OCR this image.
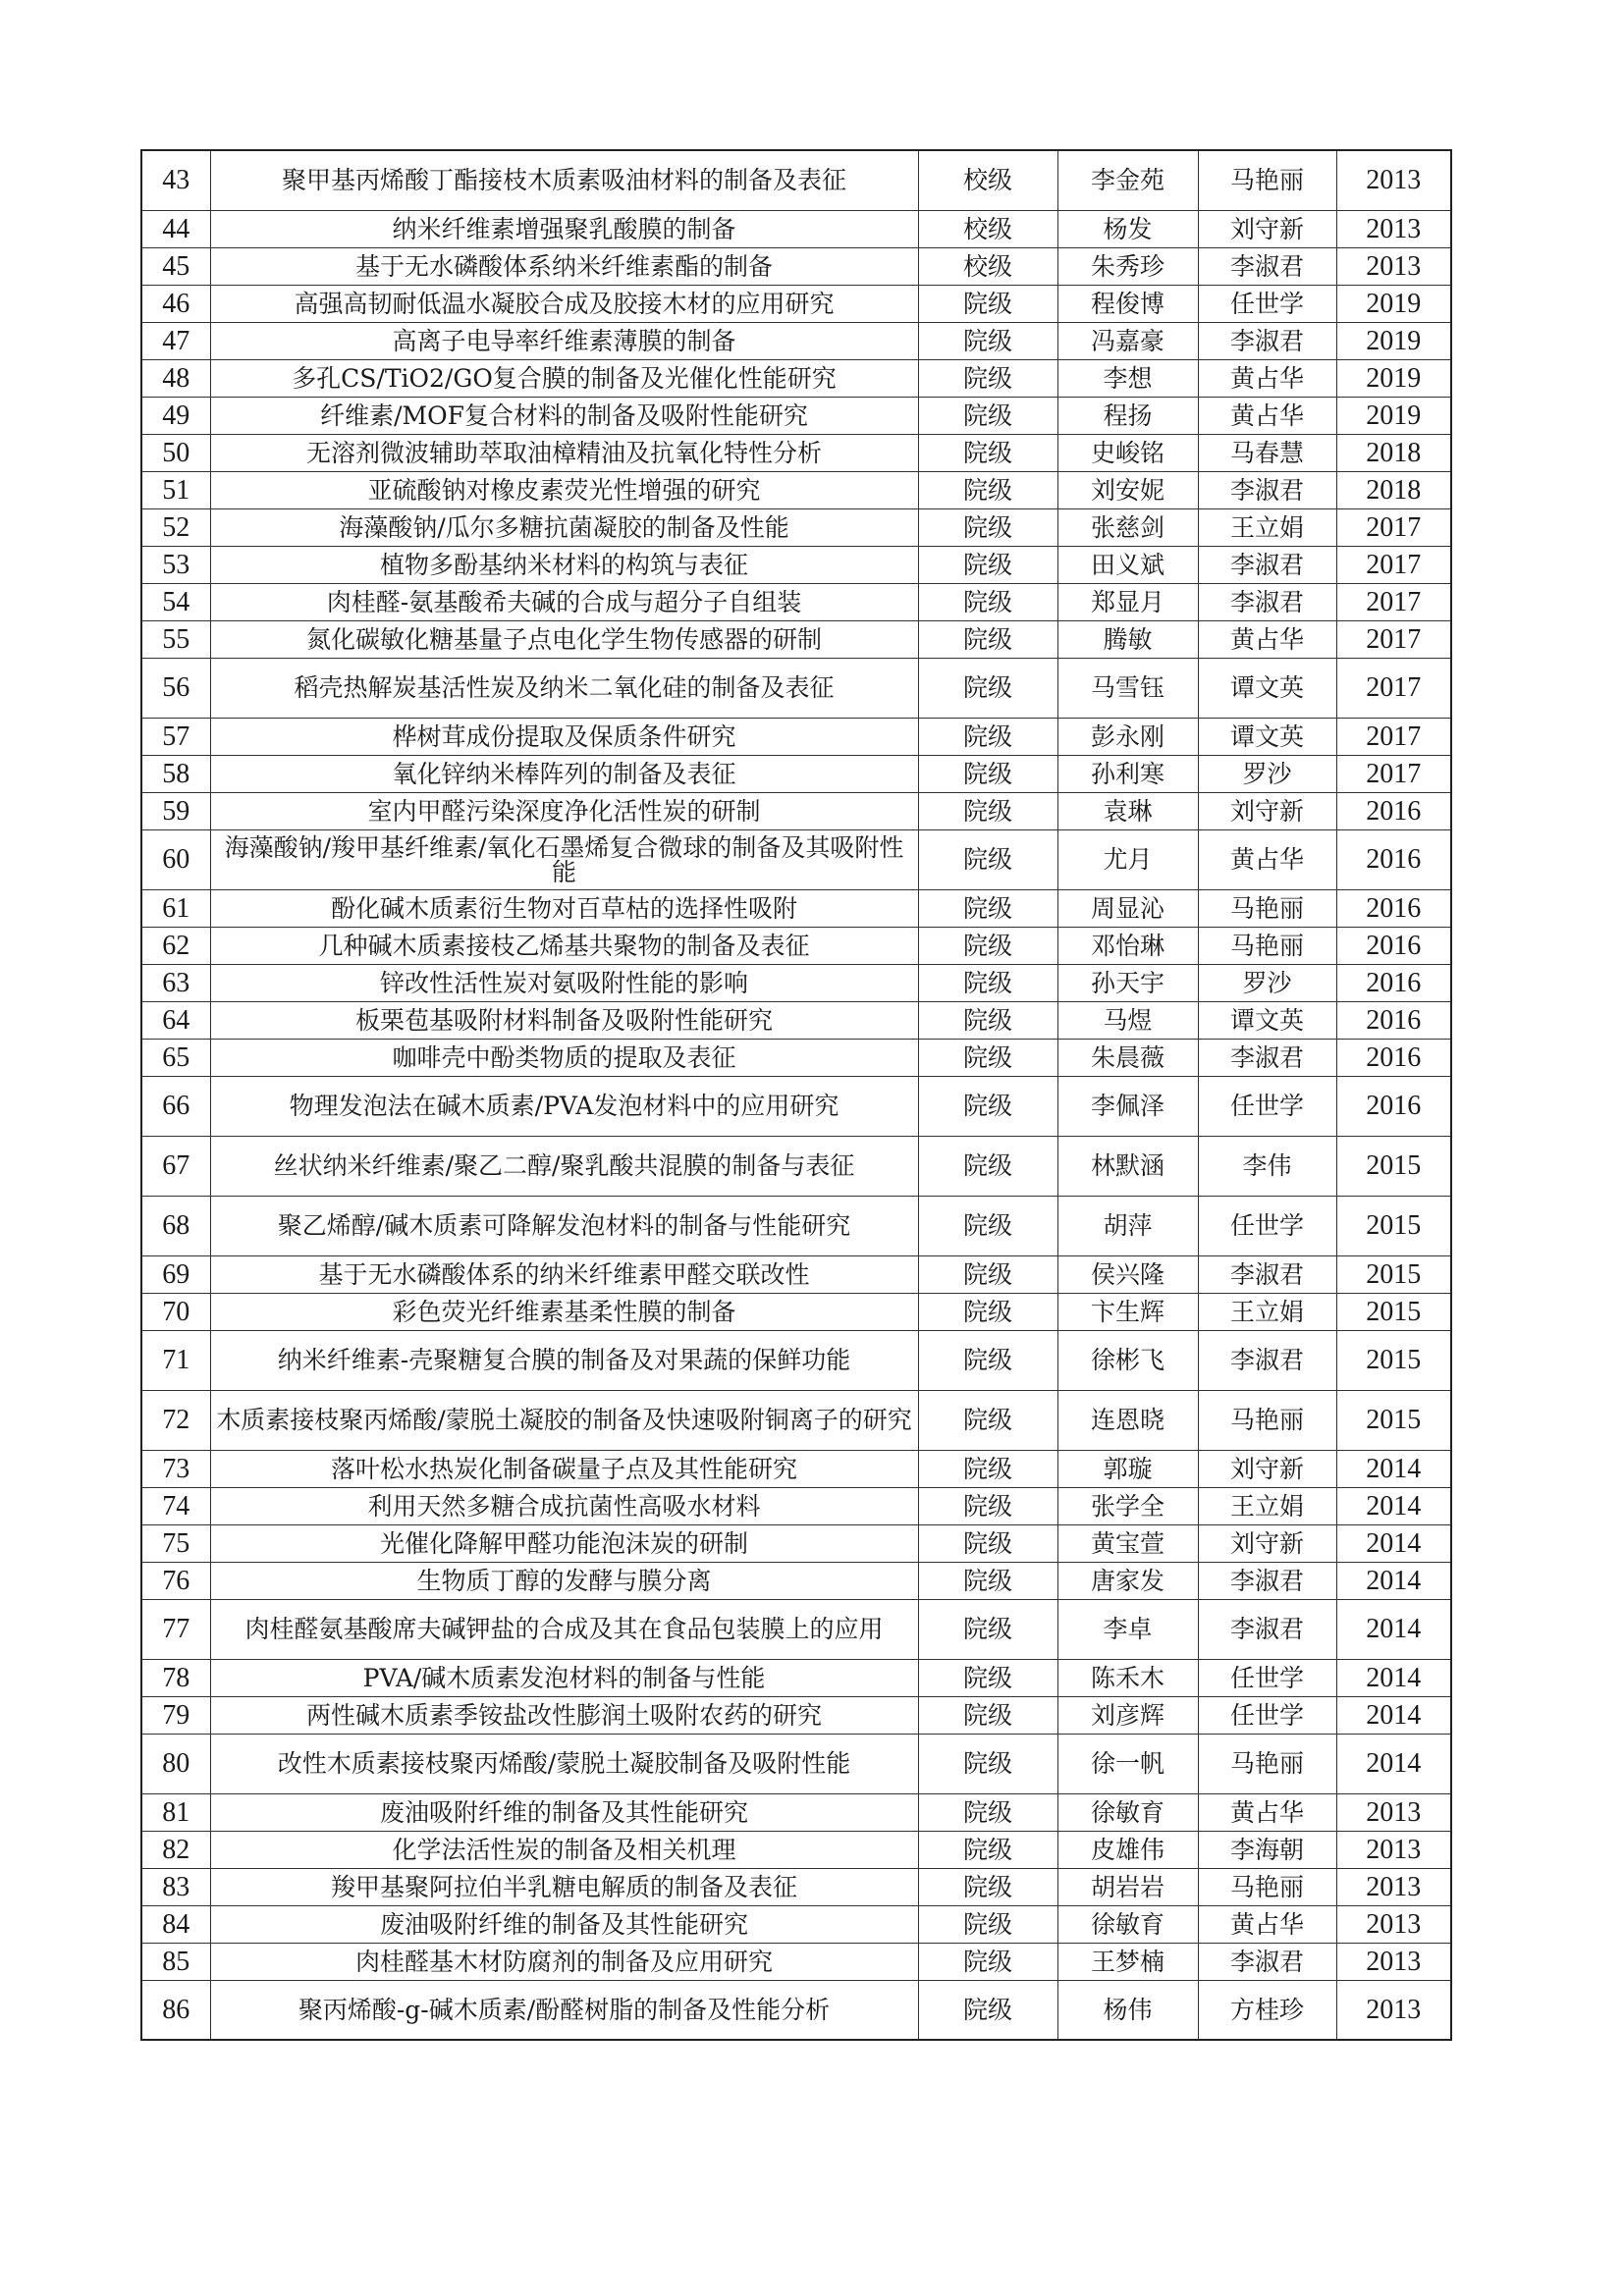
43	聚甲基丙烯酸丁酯接枝木质素吸油材料的制备及表征	校级	李金苑	马艳丽	2013
44	纳米纤维素增强聚乳酸膜的制备	校级	杨发	刘守新	2013
45	基于无水磷酸体系纳米纤维素酯的制备	校级	朱秀珍	李淑君	2013
46	高强高韧耐低温水凝胶合成及胶接木材的应用研究	院级	程俊博	任世学	2019
47	高离子电导率纤维素薄膜的制备	院级	冯嘉豪	李淑君	2019
48	多孔CS/TiO2/GO复合膜的制备及光催化性能研究	院级	李想	黄占华	2019
49	纤维素/MOF复合材料的制备及吸附性能研究	院级	程扬	黄占华	2019
50	无溶剂微波辅助萃取油樟精油及抗氧化特性分析	院级	史峻铭	马春慧	2018
51	亚硫酸钠对橡皮素荧光性增强的研究	院级	刘安妮	李淑君	2018
52	海藻酸钠/瓜尔多糖抗菌凝胶的制备及性能	院级	张慈剑	王立娟	2017
53	植物多酚基纳米材料的构筑与表征	院级	田义斌	李淑君	2017
54	肉桂醛-氨基酸希夫碱的合成与超分子自组装	院级	郑显月	李淑君	2017
55	氮化碳敏化糖基量子点电化学生物传感器的研制	院级	腾敏	黄占华	2017
56	稻壳热解炭基活性炭及纳米二氧化硅的制备及表征	院级	马雪钰	谭文英	2017
57	桦树茸成份提取及保质条件研究	院级	彭永刚	谭文英	2017
58	氧化锌纳米棒阵列的制备及表征	院级	孙利寒	罗沙	2017
59	室内甲醛污染深度净化活性炭的研制	院级	袁琳	刘守新	2016
60	海藻酸钠/羧甲基纤维素/氧化石墨烯复合微球的制备及其吸附性能	院级	尤月	黄占华	2016
61	酚化碱木质素衍生物对百草枯的选择性吸附	院级	周显沁	马艳丽	2016
62	几种碱木质素接枝乙烯基共聚物的制备及表征	院级	邓怡琳	马艳丽	2016
63	锌改性活性炭对氨吸附性能的影响	院级	孙天宇	罗沙	2016
64	板栗苞基吸附材料制备及吸附性能研究	院级	马煜	谭文英	2016
65	咖啡壳中酚类物质的提取及表征	院级	朱晨薇	李淑君	2016
66	物理发泡法在碱木质素/PVA发泡材料中的应用研究	院级	李佩泽	任世学	2016
67	丝状纳米纤维素/聚乙二醇/聚乳酸共混膜的制备与表征	院级	林默涵	李伟	2015
68	聚乙烯醇/碱木质素可降解发泡材料的制备与性能研究	院级	胡萍	任世学	2015
69	基于无水磷酸体系的纳米纤维素甲醛交联改性	院级	侯兴隆	李淑君	2015
70	彩色荧光纤维素基柔性膜的制备	院级	卞生辉	王立娟	2015
71	纳米纤维素-壳聚糖复合膜的制备及对果蔬的保鲜功能	院级	徐彬飞	李淑君	2015
72	木质素接枝聚丙烯酸/蒙脱土凝胶的制备及快速吸附铜离子的研究	院级	连恩晓	马艳丽	2015
73	落叶松水热炭化制备碳量子点及其性能研究	院级	郭璇	刘守新	2014
74	利用天然多糖合成抗菌性高吸水材料	院级	张学全	王立娟	2014
75	光催化降解甲醛功能泡沫炭的研制	院级	黄宝萱	刘守新	2014
76	生物质丁醇的发酵与膜分离	院级	唐家发	李淑君	2014
77	肉桂醛氨基酸席夫碱钾盐的合成及其在食品包装膜上的应用	院级	李卓	李淑君	2014
78	PVA/碱木质素发泡材料的制备与性能	院级	陈禾木	任世学	2014
79	两性碱木质素季铵盐改性膨润土吸附农药的研究	院级	刘彦辉	任世学	2014
80	改性木质素接枝聚丙烯酸/蒙脱土凝胶制备及吸附性能	院级	徐一帆	马艳丽	2014
81	废油吸附纤维的制备及其性能研究	院级	徐敏育	黄占华	2013
82	化学法活性炭的制备及相关机理	院级	皮雄伟	李海朝	2013
83	羧甲基聚阿拉伯半乳糖电解质的制备及表征	院级	胡岩岩	马艳丽	2013
84	废油吸附纤维的制备及其性能研究	院级	徐敏育	黄占华	2013
85	肉桂醛基木材防腐剂的制备及应用研究	院级	王梦楠	李淑君	2013
86	聚丙烯酸-g-碱木质素/酚醛树脂的制备及性能分析	院级	杨伟	方桂珍	2013
